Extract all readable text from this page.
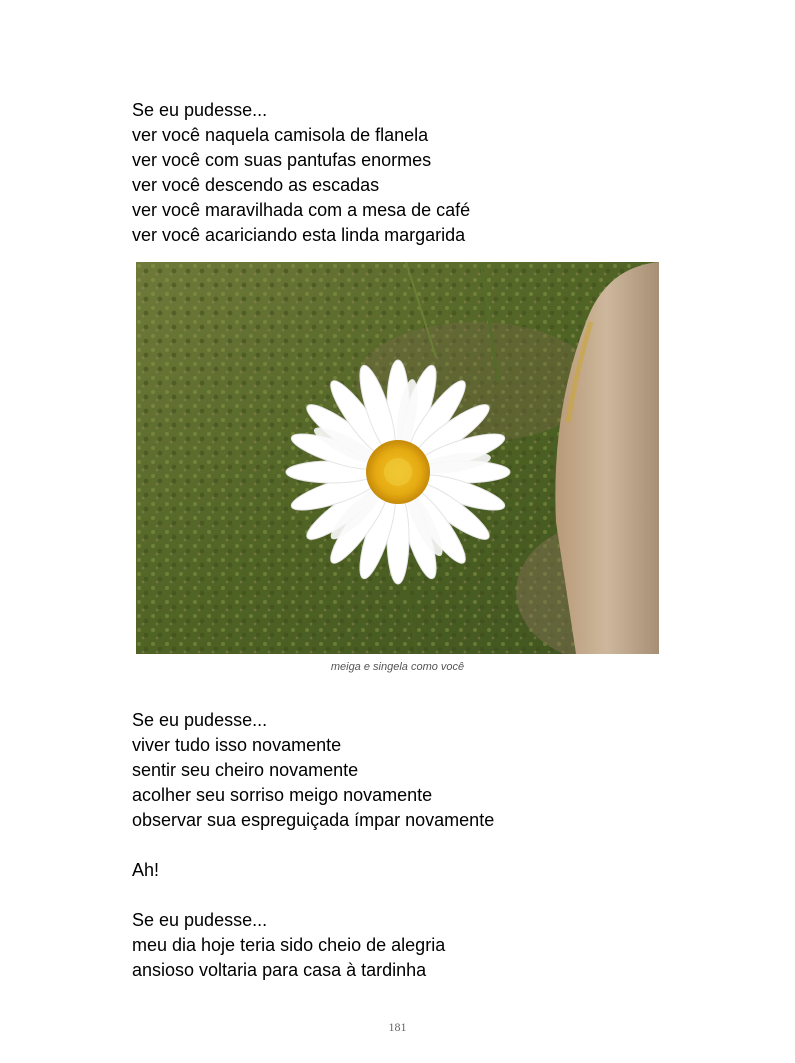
Se eu pudesse...
ver você naquela camisola de flanela
ver você com suas pantufas enormes
ver você descendo as escadas
ver você maravilhada com a mesa de café
ver você acariciando esta linda margarida
meiga e singela como você
Se eu pudesse...
viver tudo isso novamente
sentir seu cheiro novamente
acolher seu sorriso meigo novamente
observar sua espreguiçada ímpar novamente
Ah!
Se eu pudesse...
meu dia hoje teria sido cheio de alegria
ansioso voltaria para casa à tardinha
181
